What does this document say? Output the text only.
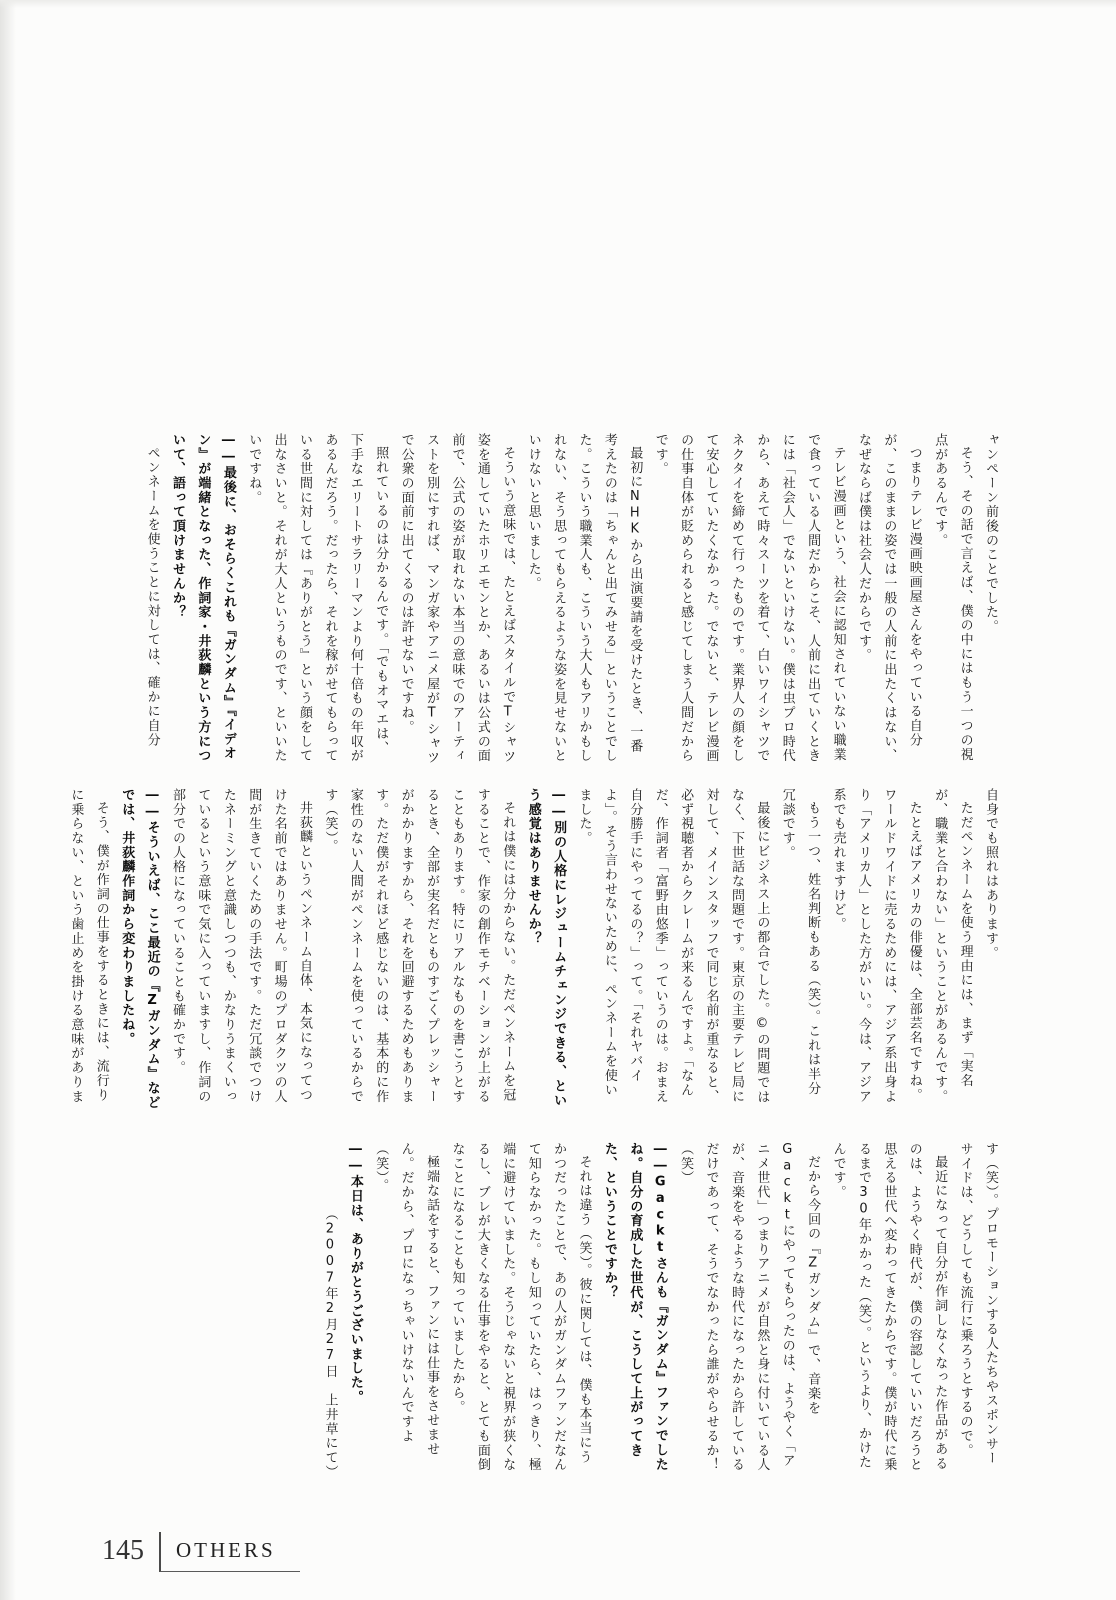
ャンペーン前後のことでした。

そう、その話で言えば、僕の中にはもう一つの視点があるんです。

つまりテレビ漫画映画屋さんをやっている自分が、このままの姿では一般の人前に出たくはない、なぜならば僕は社会人だからです。

テレビ漫画という、社会に認知されていない職業で食っている人間だからこそ、人前に出ていくときには「社会人」でないといけない。僕は虫プロ時代から、あえて時々スーツを着て、白いワイシャツでネクタイを締めて行ったものです。業界人の顔をして安心していたくなかった。でないと、テレビ漫画の仕事自体が貶められると感じてしまう人間だからです。

最初にNHKから出演要請を受けたとき、一番考えたのは「ちゃんと出てみせる」ということでした。こういう職業人も、こういう大人もアリかもしれない、そう思ってもらえるような姿を見せないといけないと思いました。

そういう意味では、たとえばスタイルでTシャツ姿を通していたホリエモンとか、あるいは公式の面前で、公式の姿が取れない本当の意味でのアーティストを別にすれば、マンガ家やアニメ屋がTシャツで公衆の面前に出てくるのは許せないですね。

照れているのは分かるんです。「でもオマエは、下手なエリートサラリーマンより何十倍もの年収があるんだろう。だったら、それを稼がせてもらっている世間に対しては『ありがとう』という顔をして出なさいと。それが大人というものです、といいたいですね。

――最後に、おそらくこれも『ガンダム』『イデオン』が端緒となった、作詞家・井荻麟という方について、語って頂けませんか？

ペンネームを使うことに対しては、確かに自分

自身でも照れはあります。

ただペンネームを使う理由には、まず「実名が、職業と合わない」ということがあるんです。

たとえばアメリカの俳優は、全部芸名ですね。ワールドワイドに売るためには、アジア系出身より「アメリカ人」とした方がいい。今は、アジア系でも売れますけど。

もう一つ、姓名判断もある（笑）。これは半分冗談です。

最後にビジネス上の都合でした。©の問題ではなく、下世話な問題です。東京の主要テレビ局に対して、メインスタッフで同じ名前が重なると、必ず視聴者からクレームが来るんですよ。「なんだ、作詞者「富野由悠季」っていうのは。おまえ自分勝手にやってるの？」って。「それヤバイよ」。そう言わせないために、ペンネームを使いました。

――別の人格にレジュームチェンジできる、という感覚はありませんか？

それは僕には分からない。ただペンネームを冠することで、作家の創作モチベーションが上がることもあります。特にリアルなものを書こうとするとき、全部が実名だとものすごくプレッシャーがかかりますから、それを回避するためもあります。ただ僕がそれほど感じないのは、基本的に作家性のない人間がペンネームを使っているからです（笑）。

井荻麟というペンネーム自体、本気になってつけた名前ではありません。町場のプロダクツの人間が生きていくための手法です。ただ冗談でつけたネーミングと意識しつつも、かなりうまくいっているという意味で気に入っていますし、作詞の部分での人格になっていることも確かです。

――そういえば、ここ最近の『Zガンダム』などでは、井荻麟作詞から変わりましたね。

そう、僕が作詞の仕事をするときには、流行りに乗らない、という歯止めを掛ける意味がありま

す（笑）。プロモーションする人たちやスポンサーサイドは、どうしても流行に乗ろうとするので。

最近になって自分が作詞しなくなった作品があるのは、ようやく時代が、僕の容認していいだろうと思える世代へ変わってきたからです。僕が時代に乗るまで30年かかった（笑）。というより、かけたんです。

だから今回の『Zガンダム』で、音楽をGacktにやってもらったのは、ようやく「アニメ世代」つまりアニメが自然と身に付いている人が、音楽をやるような時代になったから許しているだけであって、そうでなかったら誰がやらせるか！（笑）

――Gacktさんも『ガンダム』ファンでしたね。自分の育成した世代が、こうして上がってきた、ということですか？

それは違う（笑）。彼に関しては、僕も本当にうかつだったことで、あの人がガンダムファンだなんて知らなかった。もし知っていたら、はっきり、極端に避けていました。そうじゃないと視界が狭くなるし、ブレが大きくなる仕事をやると、とても面倒なことになることも知っていましたから。

極端な話をすると、ファンには仕事をさせません。だから、プロになっちゃいけないんですよ（笑）。

――本日は、ありがとうございました。

（2007年2月27日　上井草にて）

145	OTHERS
